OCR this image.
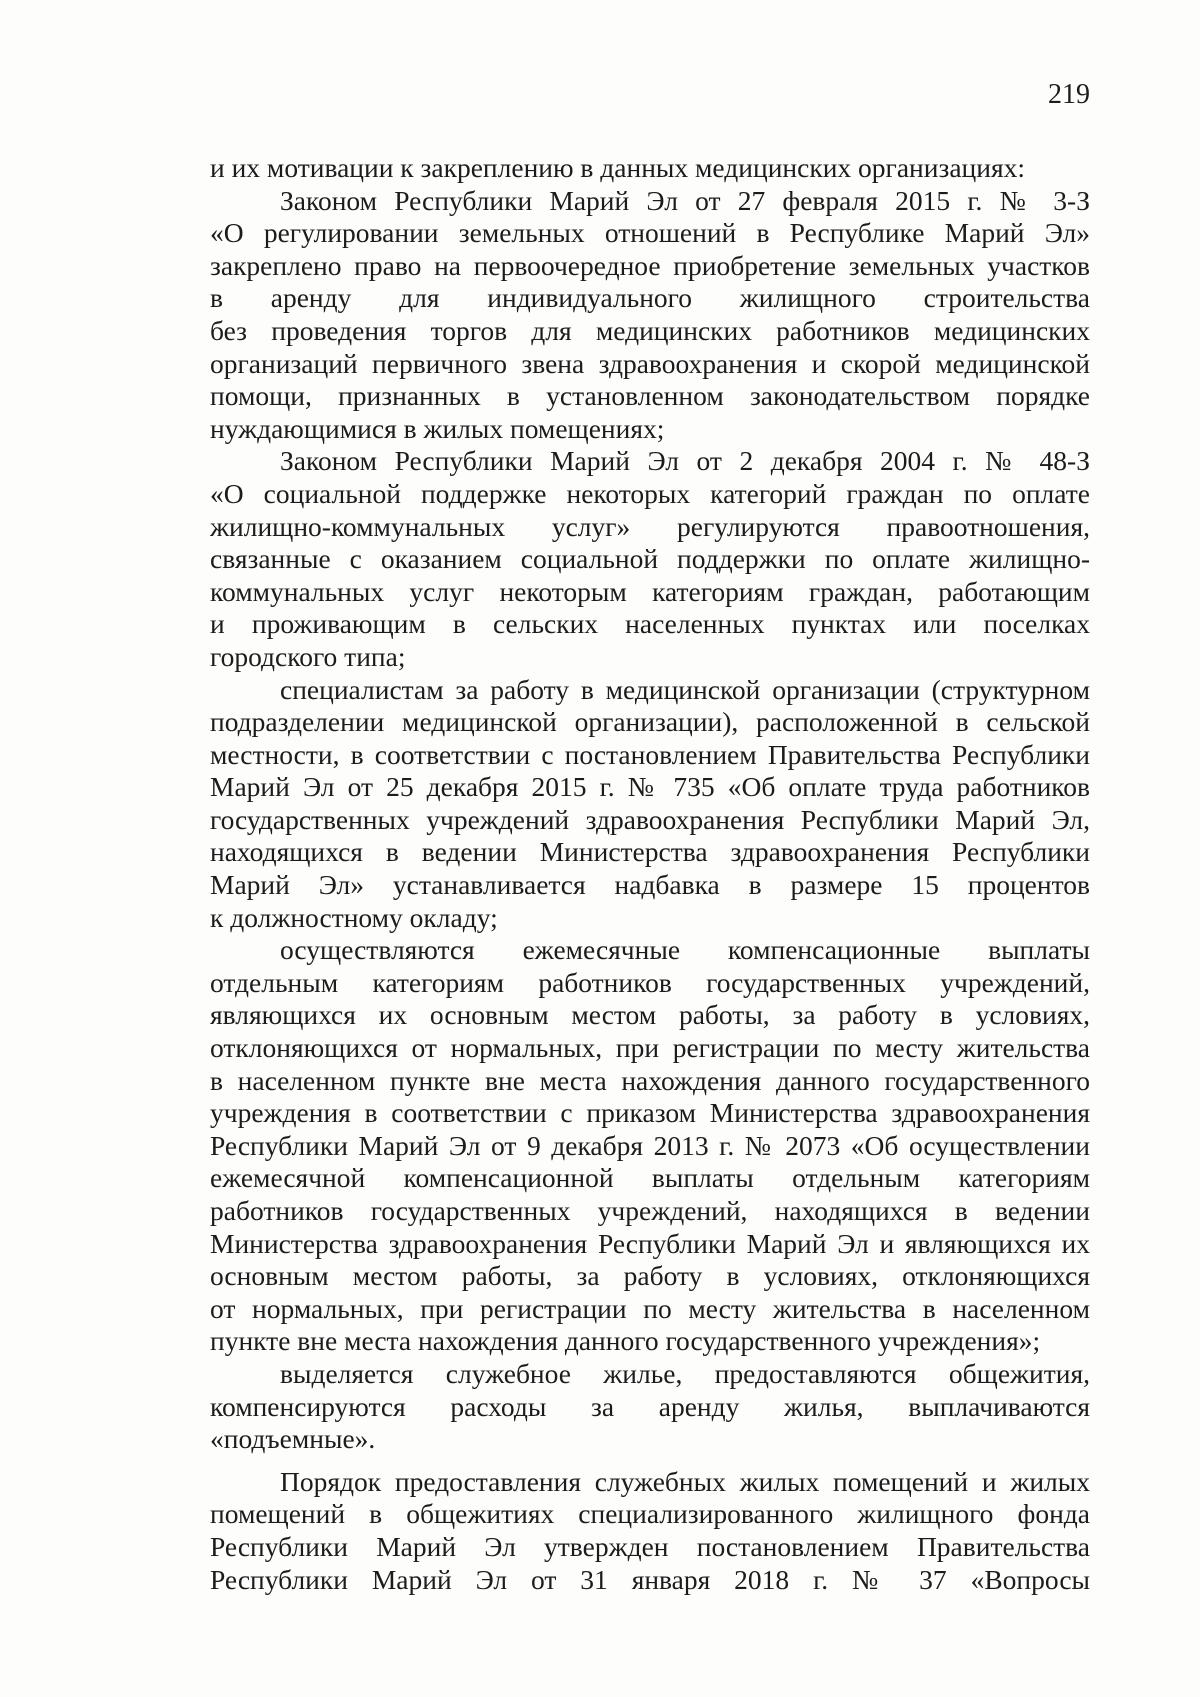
219
и их мотивации к закреплению в данных медицинских организациях:
Законом Республики Марий Эл от 27 февраля 2015 г. № 3-З
«О регулировании земельных отношений в Республике Марий Эл»
закреплено право на первоочередное приобретение земельных участков
в аренду для индивидуального жилищного строительства
без проведения торгов для медицинских работников медицинских
организаций первичного звена здравоохранения и скорой медицинской
помощи, признанных в установленном законодательством порядке
нуждающимися в жилых помещениях;
Законом Республики Марий Эл от 2 декабря 2004 г. № 48-З
«О социальной поддержке некоторых категорий граждан по оплате
жилищно-коммунальных услуг» регулируются правоотношения,
связанные с оказанием социальной поддержки по оплате жилищно-
коммунальных услуг некоторым категориям граждан, работающим
и проживающим в сельских населенных пунктах или поселках
городского типа;
специалистам за работу в медицинской организации (структурном
подразделении медицинской организации), расположенной в сельской
местности, в соответствии с постановлением Правительства Республики
Марий Эл от 25 декабря 2015 г. № 735 «Об оплате труда работников
государственных учреждений здравоохранения Республики Марий Эл,
находящихся в ведении Министерства здравоохранения Республики
Марий Эл» устанавливается надбавка в размере 15 процентов
к должностному окладу;
осуществляются ежемесячные компенсационные выплаты
отдельным категориям работников государственных учреждений,
являющихся их основным местом работы, за работу в условиях,
отклоняющихся от нормальных, при регистрации по месту жительства
в населенном пункте вне места нахождения данного государственного
учреждения в соответствии с приказом Министерства здравоохранения
Республики Марий Эл от 9 декабря 2013 г. № 2073 «Об осуществлении
ежемесячной компенсационной выплаты отдельным категориям
работников государственных учреждений, находящихся в ведении
Министерства здравоохранения Республики Марий Эл и являющихся их
основным местом работы, за работу в условиях, отклоняющихся
от нормальных, при регистрации по месту жительства в населенном
пункте вне места нахождения данного государственного учреждения»;
выделяется служебное жилье, предоставляются общежития,
компенсируются расходы за аренду жилья, выплачиваются
«подъемные».
Порядок предоставления служебных жилых помещений и жилых
помещений в общежитиях специализированного жилищного фонда
Республики Марий Эл утвержден постановлением Правительства
Республики Марий Эл от 31 января 2018 г. № 37 «Вопросы
